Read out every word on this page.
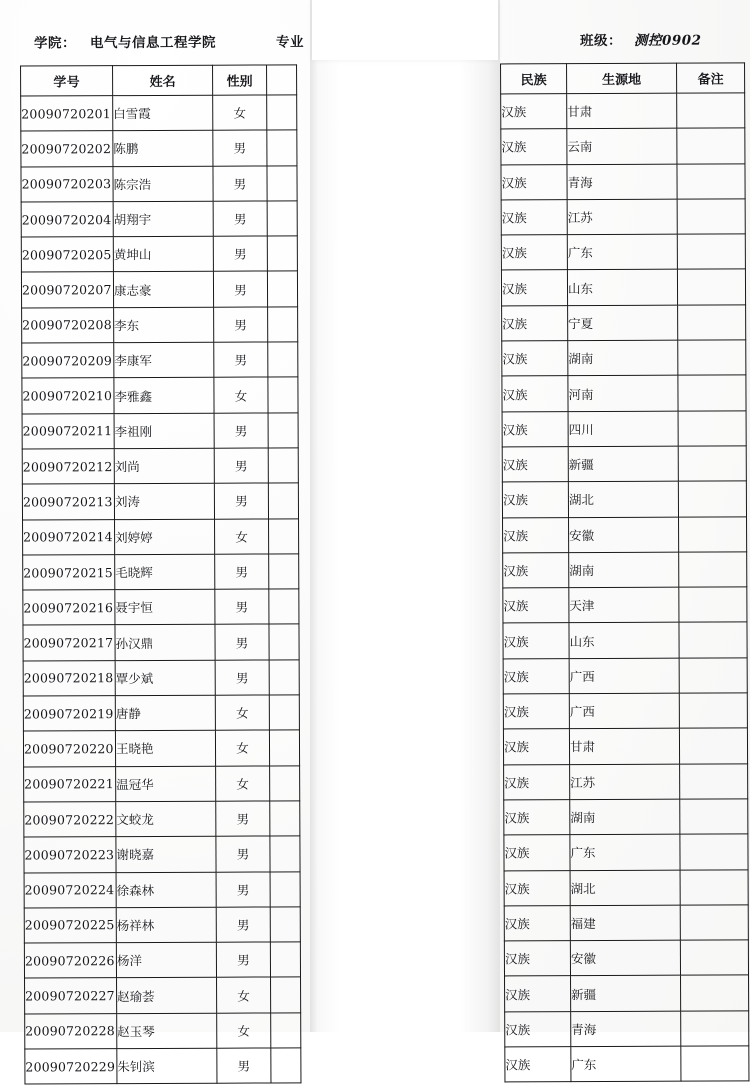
学院： 电气与信息工程学院	专业	班级： 测控0902
学号	姓名	性别	
20090720201	白雪霞	女	
20090720202	陈鹏	男	
20090720203	陈宗浩	男	
20090720204	胡翔宇	男	
20090720205	黄坤山	男	
20090720207	康志豪	男	
20090720208	李东	男	
20090720209	李康军	男	
20090720210	李雅鑫	女	
20090720211	李祖刚	男	
20090720212	刘尚	男	
20090720213	刘涛	男	
20090720214	刘婷婷	女	
20090720215	毛晓辉	男	
20090720216	聂宇恒	男	
20090720217	孙汉鼎	男	
20090720218	覃少斌	男	
20090720219	唐静	女	
20090720220	王晓艳	女	
20090720221	温冠华	女	
20090720222	文蛟龙	男	
20090720223	谢晓嘉	男	
20090720224	徐森林	男	
20090720225	杨祥林	男	
20090720226	杨洋	男	
20090720227	赵瑜荟	女	
20090720228	赵玉琴	女	
20090720229	朱钊滨	男	
民族	生源地	备注
汉族	甘肃	
汉族	云南	
汉族	青海	
汉族	江苏	
汉族	广东	
汉族	山东	
汉族	宁夏	
汉族	湖南	
汉族	河南	
汉族	四川	
汉族	新疆	
汉族	湖北	
汉族	安徽	
汉族	湖南	
汉族	天津	
汉族	山东	
汉族	广西	
汉族	广西	
汉族	甘肃	
汉族	江苏	
汉族	湖南	
汉族	广东	
汉族	湖北	
汉族	福建	
汉族	安徽	
汉族	新疆	
汉族	青海	
汉族	广东	
